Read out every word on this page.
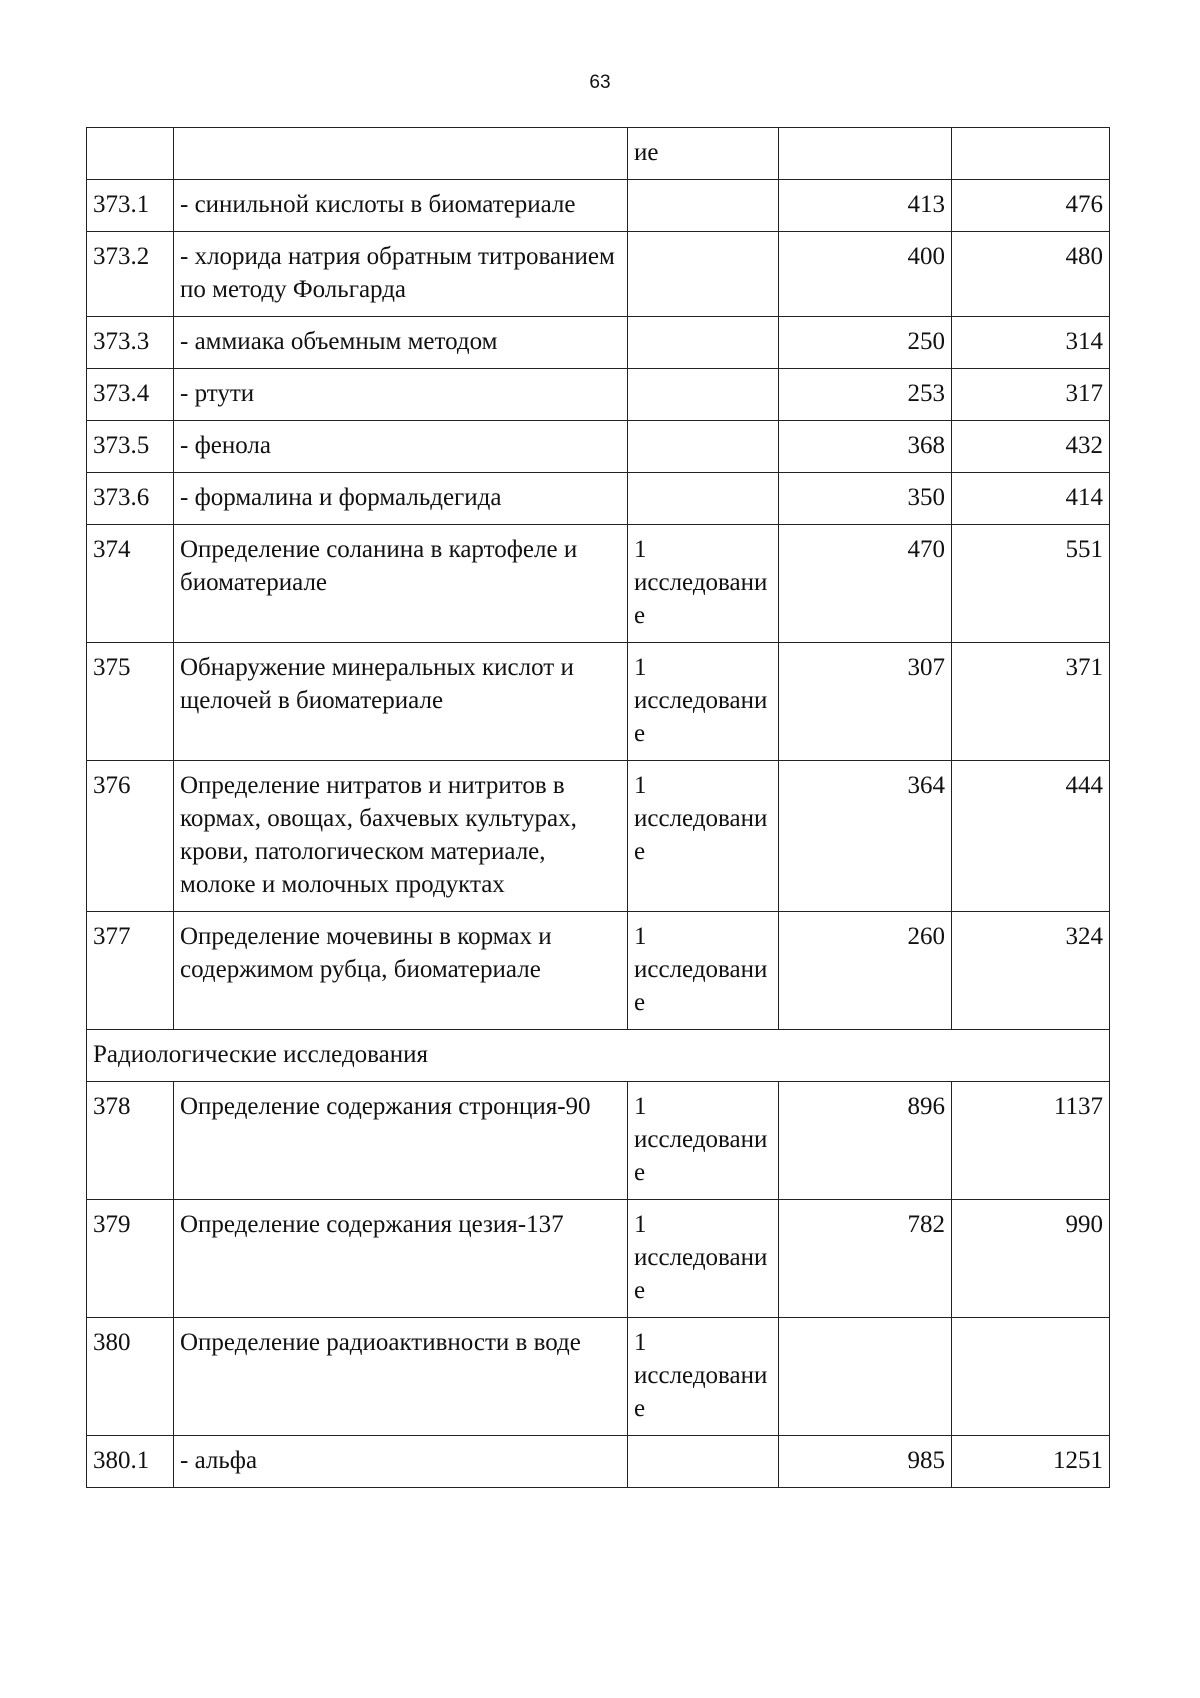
63
		ие		
373.1	- синильной кислоты в биоматериале		413	476
373.2	- хлорида натрия обратным титрованием по методу Фольгарда		400	480
373.3	- аммиака объемным методом		250	314
373.4	- ртути		253	317
373.5	- фенола		368	432
373.6	- формалина и формальдегида		350	414
374	Определение соланина в картофеле и биоматериале	1 исследование	470	551
375	Обнаружение минеральных кислот и щелочей в биоматериале	1 исследование	307	371
376	Определение нитратов и нитритов в кормах, овощах, бахчевых культурах, крови, патологическом материале, молоке и молочных продуктах	1 исследование	364	444
377	Определение мочевины в кормах и содержимом рубца, биоматериале	1 исследование	260	324
Радиологические исследования				
378	Определение содержания стронция-90	1 исследование	896	1137
379	Определение содержания цезия-137	1 исследование	782	990
380	Определение радиоактивности в воде	1 исследование		
380.1	- альфа		985	1251
